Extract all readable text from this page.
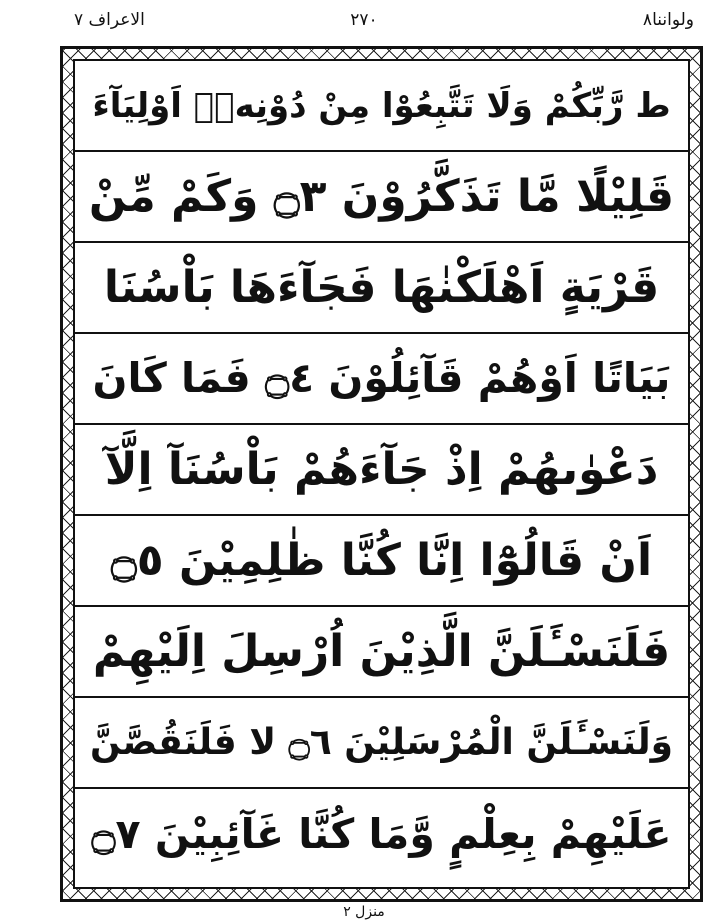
ولواننا۸
٢٧٠
الاعراف ۷
ط رَّبِّكُمْ وَلَا تَتَّبِعُوْا مِنْ دُوْنِهٖۤ اَوْلِيَآءَ
قَلِيْلًا مَّا تَذَكَّرُوْنَ ۝٣ وَكَمْ مِّنْ
قَرْيَةٍ اَهْلَكْنٰهَا فَجَآءَهَا بَاْسُنَا
بَيَاتًا اَوْهُمْ قَآئِلُوْنَ ۝٤ فَمَا كَانَ
دَعْوٰىهُمْ اِذْ جَآءَهُمْ بَاْسُنَآ اِلَّآ
اَنْ قَالُوْٓا اِنَّا كُنَّا ظٰلِمِيْنَ ۝٥
فَلَنَسْـَٔلَنَّ الَّذِيْنَ اُرْسِلَ اِلَيْهِمْ
وَلَنَسْـَٔلَنَّ الْمُرْسَلِيْنَ ۝٦ لا فَلَنَقُصَّنَّ
عَلَيْهِمْ بِعِلْمٍ وَّمَا كُنَّا غَآئِبِيْنَ ۝٧
منزل ٢
